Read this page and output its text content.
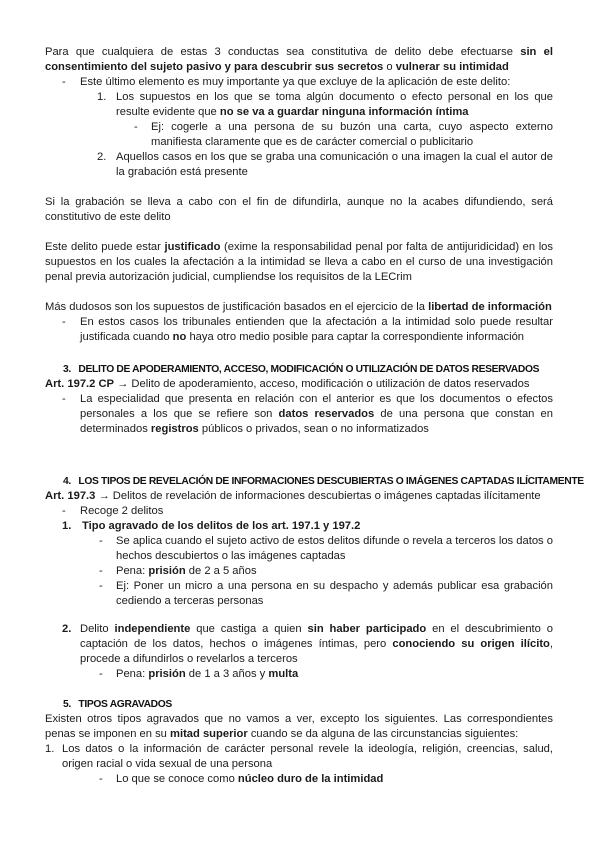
Para que cualquiera de estas 3 conductas sea constitutiva de delito debe efectuarse sin el consentimiento del sujeto pasivo y para descubrir sus secretos o vulnerar su intimidad

-	Este último elemento es muy importante ya que excluye de la aplicación de este delito:
1. Los supuestos en los que se toma algún documento o efecto personal en los que resulte evidente que no se va a guardar ninguna información íntima
-	Ej: cogerle a una persona de su buzón una carta, cuyo aspecto externo manifiesta claramente que es de carácter comercial o publicitario
2. Aquellos casos en los que se graba una comunicación o una imagen la cual el autor de la grabación está presente

Si la grabación se lleva a cabo con el fin de difundirla, aunque no la acabes difundiendo, será constitutivo de este delito

Este delito puede estar justificado (exime la responsabilidad penal por falta de antijuridicidad) en los supuestos en los cuales la afectación a la intimidad se lleva a cabo en el curso de una investigación penal previa autorización judicial, cumpliendse los requisitos de la LECrim

Más dudosos son los supuestos de justificación basados en el ejercicio de la libertad de información

-	En estos casos los tribunales entienden que la afectación a la intimidad solo puede resultar justificada cuando no haya otro medio posible para captar la correspondiente información
3.   DELITO DE APODERAMIENTO, ACCESO, MODIFICACIÓN O UTILIZACIÓN DE DATOS RESERVADOS

Art. 197.2 CP → Delito de apoderamiento, acceso, modificación o utilización de datos reservados

-	La especialidad que presenta en relación con el anterior es que los documentos o efectos personales a los que se refiere son datos reservados de una persona que constan en determinados registros públicos o privados, sean o no informatizados
4.   LOS TIPOS DE REVELACIÓN DE INFORMACIONES DESCUBIERTAS O IMÁGENES CAPTADAS ILÍCITAMENTE

Art. 197.3 → Delitos de revelación de informaciones descubiertas o imágenes captadas ilícitamente

-	Recoge 2 delitos
1. Tipo agravado de los delitos de los art. 197.1 y 197.2
-	Se aplica cuando el sujeto activo de estos delitos difunde o revela a terceros los datos o hechos descubiertos o las imágenes captadas
-	Pena: prisión de 2 a 5 años
-	Ej: Poner un micro a una persona en su despacho y además publicar esa grabación cediendo a terceras personas
2. Delito independiente que castiga a quien sin haber participado en el descubrimiento o captación de los datos, hechos o imágenes íntimas, pero conociendo su origen ilícito, procede a difundirlos o revelarlos a terceros
-	Pena: prisión de 1 a 3 años y multa
5.   TIPOS AGRAVADOS

Existen otros tipos agravados que no vamos a ver, excepto los siguientes. Las correspondientes penas se imponen en su mitad superior cuando se da alguna de las circunstancias siguientes:

1. Los datos o la información de carácter personal revele la ideología, religión, creencias, salud, origen racial o vida sexual de una persona
-	Lo que se conoce como núcleo duro de la intimidad
